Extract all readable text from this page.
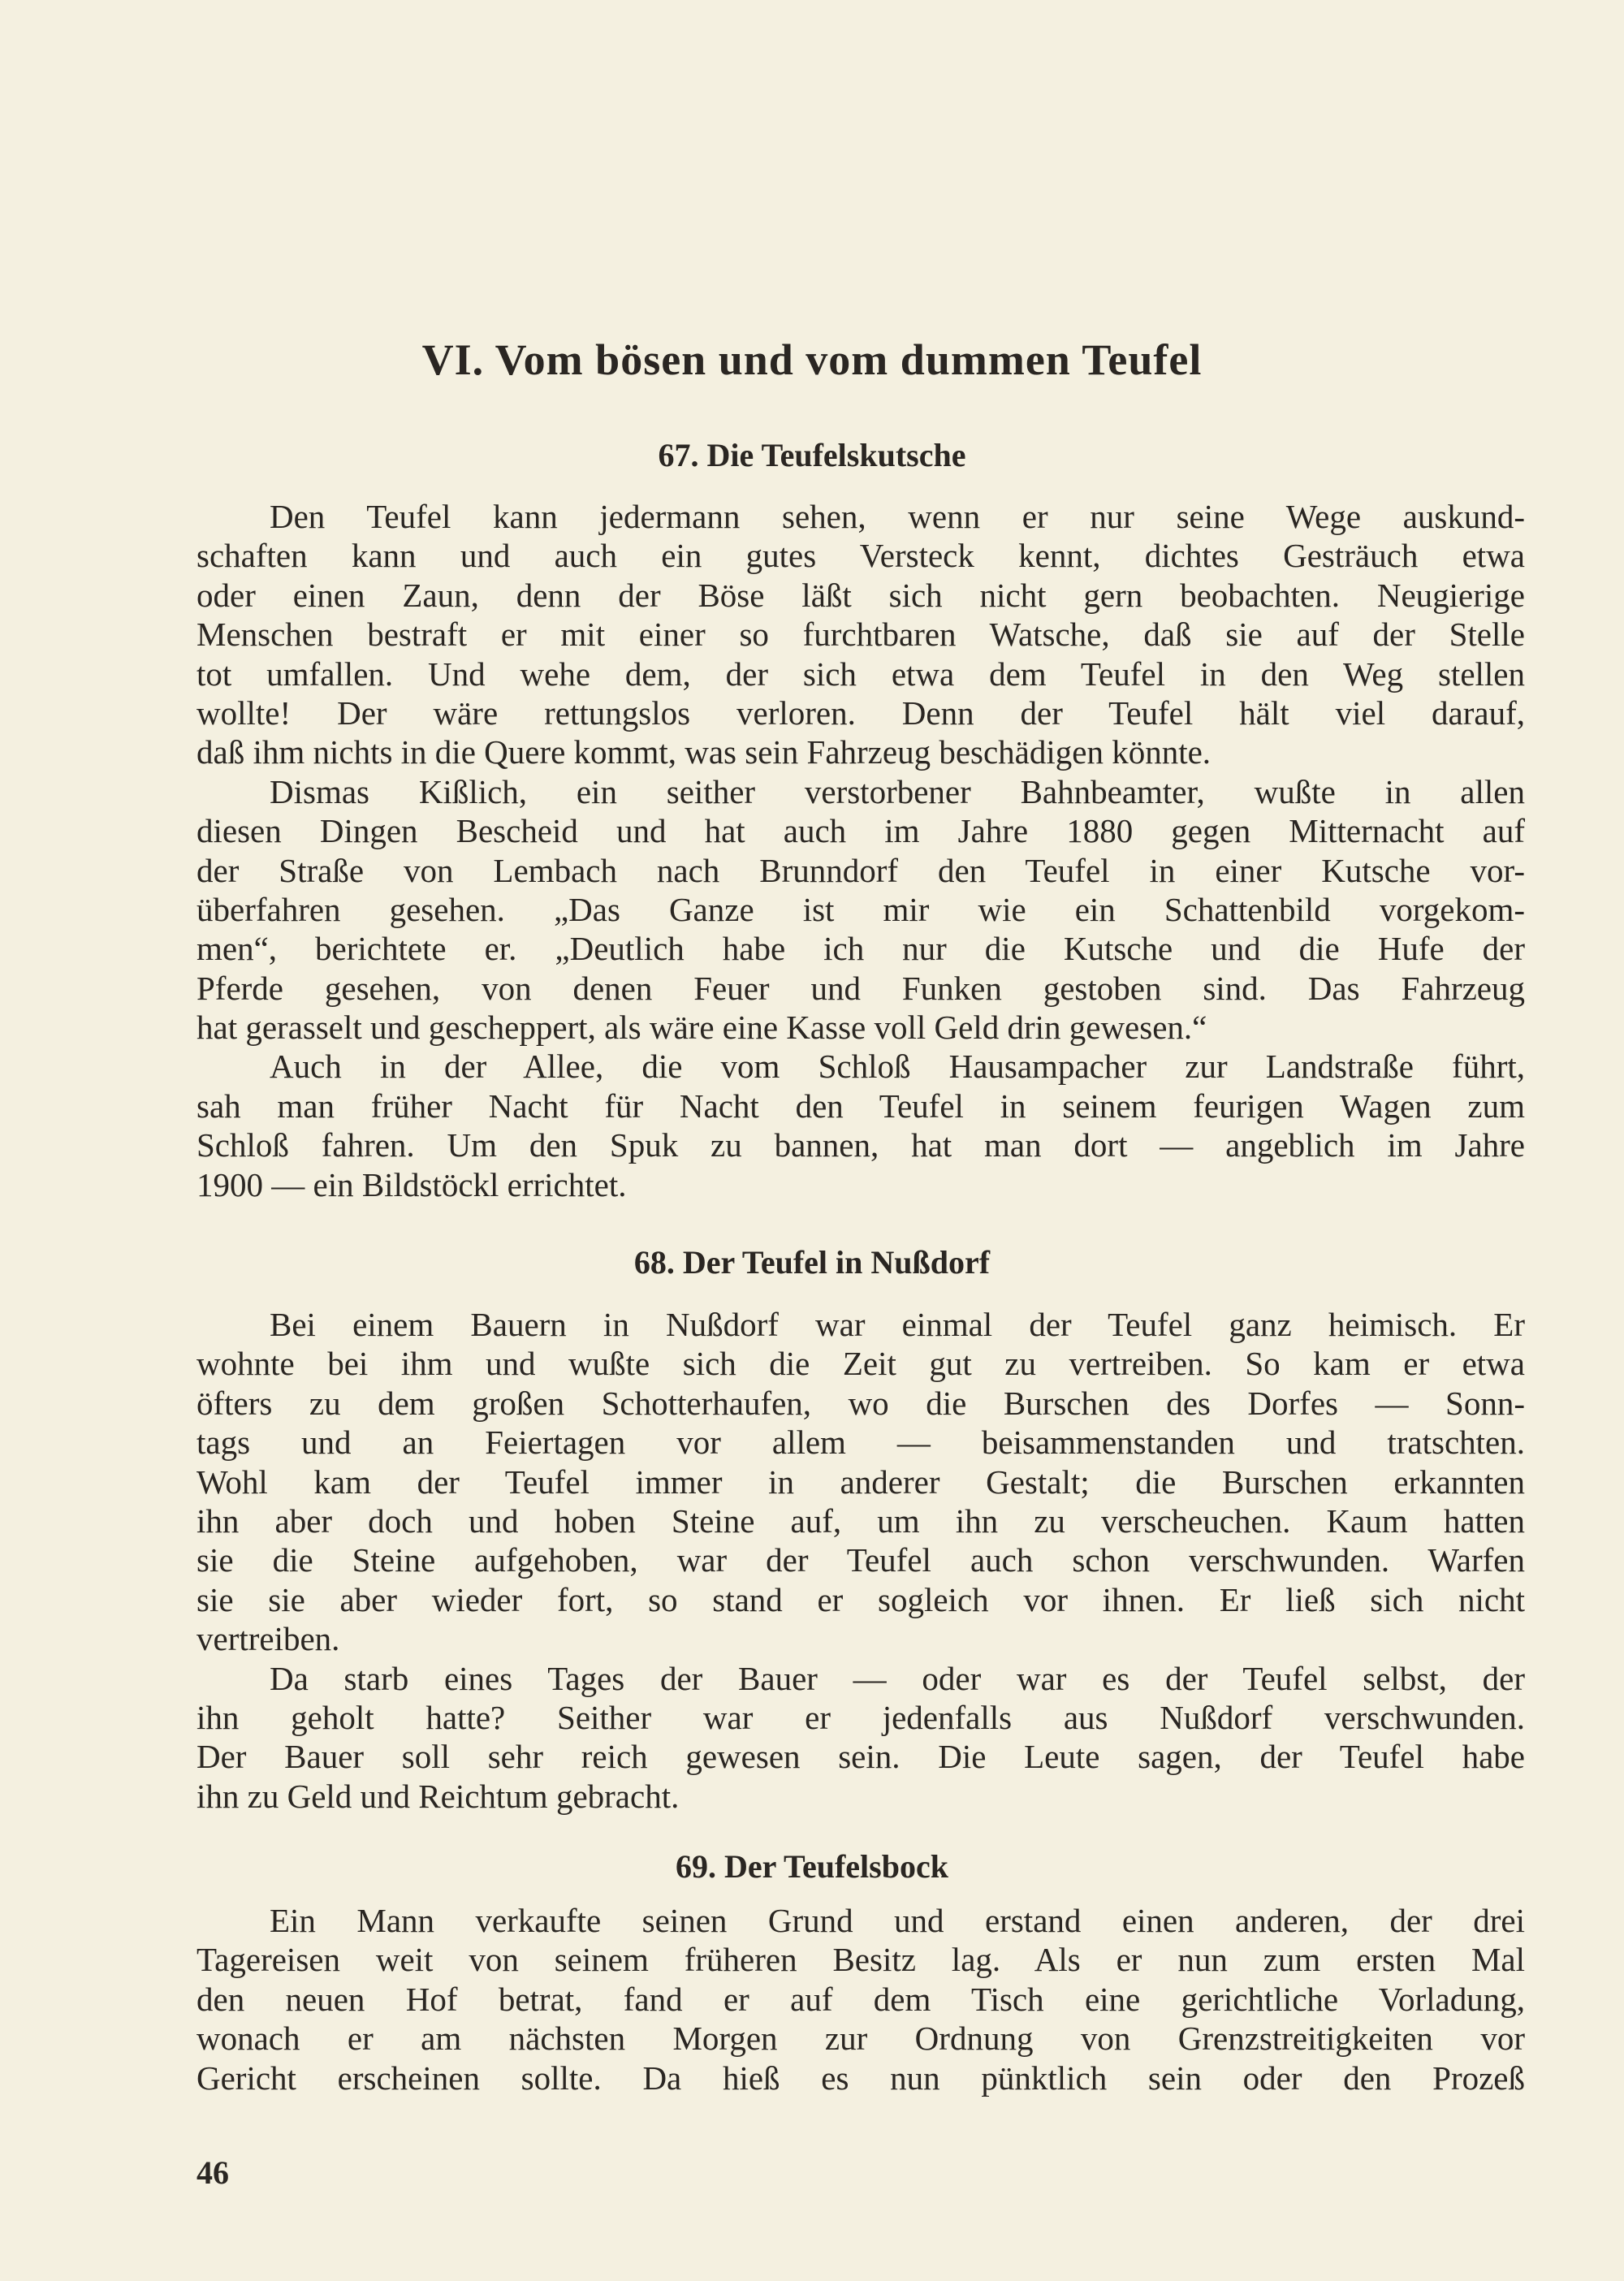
VI. Vom bösen und vom dummen Teufel
67. Die Teufelskutsche
Den Teufel kann jedermann sehen, wenn er nur seine Wege auskund-
schaften kann und auch ein gutes Versteck kennt, dichtes Gesträuch etwa
oder einen Zaun, denn der Böse läßt sich nicht gern beobachten. Neugierige
Menschen bestraft er mit einer so furchtbaren Watsche, daß sie auf der Stelle
tot umfallen. Und wehe dem, der sich etwa dem Teufel in den Weg stellen
wollte! Der wäre rettungslos verloren. Denn der Teufel hält viel darauf,
daß ihm nichts in die Quere kommt, was sein Fahrzeug beschädigen könnte.
Dismas Kißlich, ein seither verstorbener Bahnbeamter, wußte in allen
diesen Dingen Bescheid und hat auch im Jahre 1880 gegen Mitternacht auf
der Straße von Lembach nach Brunndorf den Teufel in einer Kutsche vor-
überfahren gesehen. „Das Ganze ist mir wie ein Schattenbild vorgekom-
men“, berichtete er. „Deutlich habe ich nur die Kutsche und die Hufe der
Pferde gesehen, von denen Feuer und Funken gestoben sind. Das Fahrzeug
hat gerasselt und gescheppert, als wäre eine Kasse voll Geld drin gewesen.“
Auch in der Allee, die vom Schloß Hausampacher zur Landstraße führt,
sah man früher Nacht für Nacht den Teufel in seinem feurigen Wagen zum
Schloß fahren. Um den Spuk zu bannen, hat man dort — angeblich im Jahre
1900 — ein Bildstöckl errichtet.
68. Der Teufel in Nußdorf
Bei einem Bauern in Nußdorf war einmal der Teufel ganz heimisch. Er
wohnte bei ihm und wußte sich die Zeit gut zu vertreiben. So kam er etwa
öfters zu dem großen Schotterhaufen, wo die Burschen des Dorfes — Sonn-
tags und an Feiertagen vor allem — beisammenstanden und tratschten.
Wohl kam der Teufel immer in anderer Gestalt; die Burschen erkannten
ihn aber doch und hoben Steine auf, um ihn zu verscheuchen. Kaum hatten
sie die Steine aufgehoben, war der Teufel auch schon verschwunden. Warfen
sie sie aber wieder fort, so stand er sogleich vor ihnen. Er ließ sich nicht
vertreiben.
Da starb eines Tages der Bauer — oder war es der Teufel selbst, der
ihn geholt hatte? Seither war er jedenfalls aus Nußdorf verschwunden.
Der Bauer soll sehr reich gewesen sein. Die Leute sagen, der Teufel habe
ihn zu Geld und Reichtum gebracht.
69. Der Teufelsbock
Ein Mann verkaufte seinen Grund und erstand einen anderen, der drei
Tagereisen weit von seinem früheren Besitz lag. Als er nun zum ersten Mal
den neuen Hof betrat, fand er auf dem Tisch eine gerichtliche Vorladung,
wonach er am nächsten Morgen zur Ordnung von Grenzstreitigkeiten vor
Gericht erscheinen sollte. Da hieß es nun pünktlich sein oder den Prozeß
46
